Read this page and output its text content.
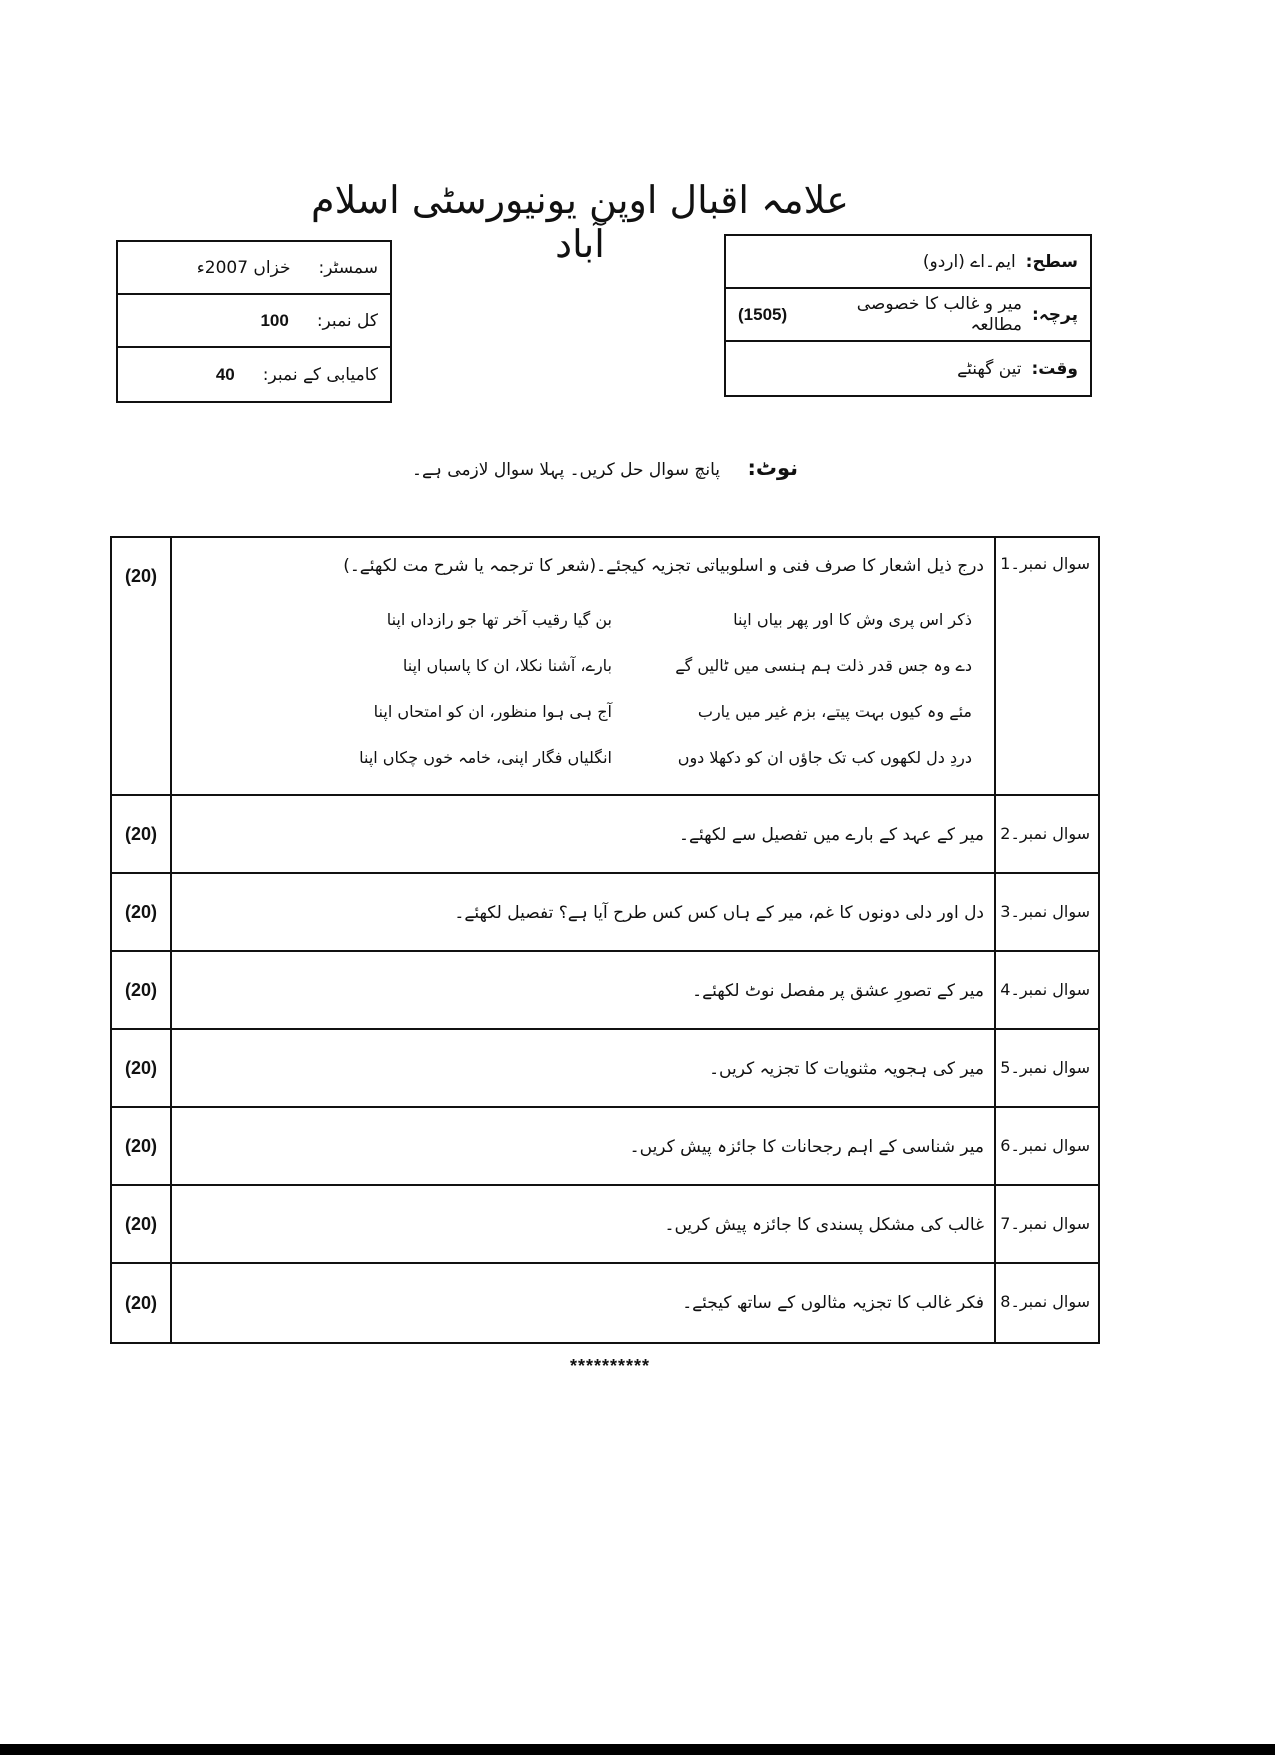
علامہ اقبال اوپن یونیورسٹی اسلام آباد
سمسٹر:
خزاں 2007ء
کل نمبر:
100
کامیابی کے نمبر:
40
سطح:
ایم۔اے (اردو)
پرچہ:
میر و غالب کا خصوصی مطالعہ
(1505)
وقت:
تین گھنٹے
نوٹ: پانچ سوال حل کریں۔ پہلا سوال لازمی ہے۔
سوال نمبر۔1
درج ذیل اشعار کا صرف فنی و اسلوبیاتی تجزیہ کیجئے۔(شعر کا ترجمہ یا شرح مت لکھئے۔)
ذکر اس پری وش کا اور پھر بیاں اپنا
بن گیا رقیب آخر تھا جو رازداں اپنا
دے وہ جس قدر ذلت ہم ہنسی میں ٹالیں گے
بارے، آشنا نکلا، ان کا پاسباں اپنا
مئے وہ کیوں بہت پیتے، بزم غیر میں یارب
آج ہی ہوا منظور، ان کو امتحاں اپنا
دردِ دل لکھوں کب تک جاؤں ان کو دکھلا دوں
انگلیاں فگار اپنی، خامہ خوں چکاں اپنا
(20)
سوال نمبر۔2
میر کے عہد کے بارے میں تفصیل سے لکھئے۔
(20)
سوال نمبر۔3
دل اور دلی دونوں کا غم، میر کے ہاں کس کس طرح آیا ہے؟ تفصیل لکھئے۔
(20)
سوال نمبر۔4
میر کے تصورِ عشق پر مفصل نوٹ لکھئے۔
(20)
سوال نمبر۔5
میر کی ہجویہ مثنویات کا تجزیہ کریں۔
(20)
سوال نمبر۔6
میر شناسی کے اہم رجحانات کا جائزہ پیش کریں۔
(20)
سوال نمبر۔7
غالب کی مشکل پسندی کا جائزہ پیش کریں۔
(20)
سوال نمبر۔8
فکر غالب کا تجزیہ مثالوں کے ساتھ کیجئے۔
(20)
**********
